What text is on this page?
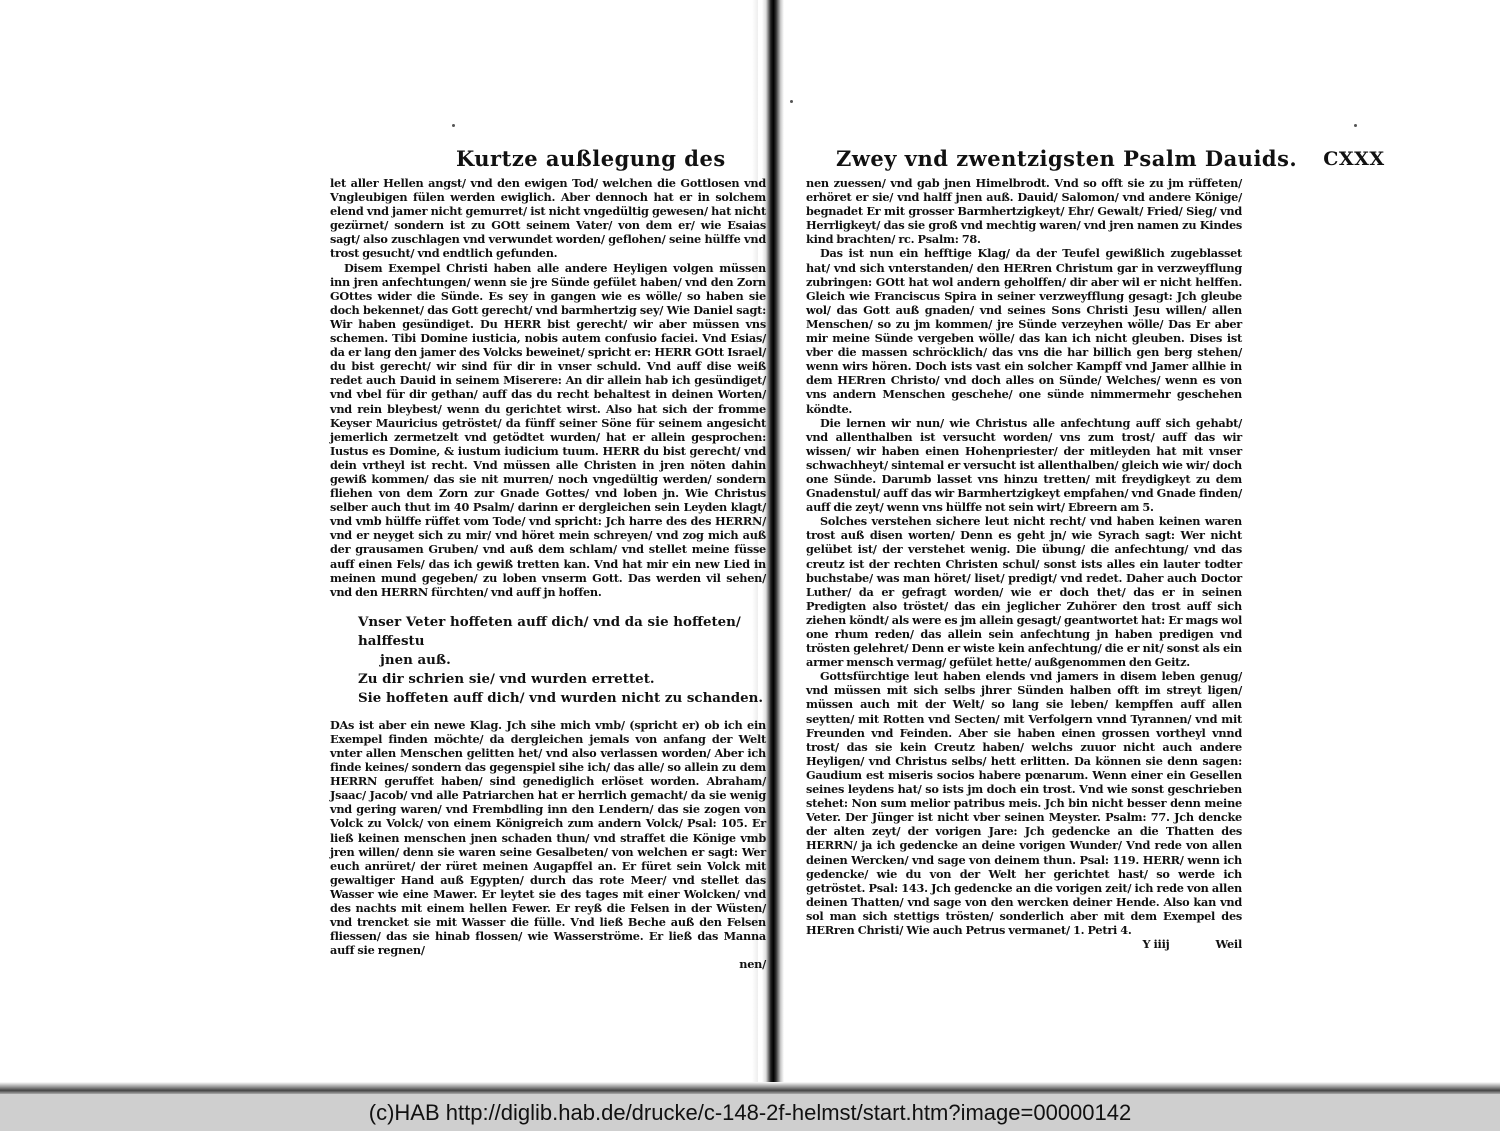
Kurtze außlegung des

let aller Hellen angst/ vnd den ewigen Tod/ welchen die Gottlosen vnd Vngleubigen fülen werden ewiglich. Aber dennoch hat er in solchem elend vnd jamer nicht gemurret/ ist nicht vngedültig gewesen/ hat nicht gezürnet/ sondern ist zu GOtt seinem Vater/ von dem er/ wie Esaias sagt/ also zuschlagen vnd verwundet worden/ geflohen/ seine hülffe vnd trost gesucht/ vnd endtlich gefunden.

Disem Exempel Christi haben alle andere Heyligen volgen müssen inn jren anfechtungen/ wenn sie jre Sünde gefület haben/ vnd den Zorn GOttes wider die Sünde. Es sey in gangen wie es wölle/ so haben sie doch bekennet/ das Gott gerecht/ vnd barmhertzig sey/ Wie Daniel sagt: Wir haben gesündiget. Du HERR bist gerecht/ wir aber müssen vns schemen. Tibi Domine iusticia, nobis autem confusio faciei. Vnd Esias/ da er lang den jamer des Volcks beweinet/ spricht er: HERR GOtt Israel/ du bist gerecht/ wir sind für dir in vnser schuld. Vnd auff dise weiß redet auch Dauid in seinem Miserere: An dir allein hab ich gesündiget/ vnd vbel für dir gethan/ auff das du recht behaltest in deinen Worten/ vnd rein bleybest/ wenn du gerichtet wirst. Also hat sich der fromme Keyser Mauricius getröstet/ da fünff seiner Söne für seinem angesicht jemerlich zermetzelt vnd getödtet wurden/ hat er allein gesprochen: Iustus es Domine, & iustum iudicium tuum. HERR du bist gerecht/ vnd dein vrtheyl ist recht. Vnd müssen alle Christen in jren nöten dahin gewiß kommen/ das sie nit murren/ noch vngedültig werden/ sondern fliehen von dem Zorn zur Gnade Gottes/ vnd loben jn. Wie Christus selber auch thut im 40 Psalm/ darinn er dergleichen sein Leyden klagt/ vnd vmb hülffe rüffet vom Tode/ vnd spricht: Jch harre des des HERRN/ vnd er neyget sich zu mir/ vnd höret mein schreyen/ vnd zog mich auß der grausamen Gruben/ vnd auß dem schlam/ vnd stellet meine füsse auff einen Fels/ das ich gewiß tretten kan. Vnd hat mir ein new Lied in meinen mund gegeben/ zu loben vnserm Gott. Das werden vil sehen/ vnd den HERRN fürchten/ vnd auff jn hoffen.

Vnser Veter hoffeten auff dich/ vnd da sie hoffeten/ halffestu

jnen auß.

Zu dir schrien sie/ vnd wurden errettet.

Sie hoffeten auff dich/ vnd wurden nicht zu schanden.

DAs ist aber ein newe Klag. Jch sihe mich vmb/ (spricht er) ob ich ein Exempel finden möchte/ da dergleichen jemals von anfang der Welt vnter allen Menschen gelitten het/ vnd also verlassen worden/ Aber ich finde keines/ sondern das gegenspiel sihe ich/ das alle/ so allein zu dem HERRN geruffet haben/ sind genediglich erlöset worden. Abraham/ Jsaac/ Jacob/ vnd alle Patriarchen hat er herrlich gemacht/ da sie wenig vnd gering waren/ vnd Frembdling inn den Lendern/ das sie zogen von Volck zu Volck/ von einem Königreich zum andern Volck/ Psal: 105. Er ließ keinen menschen jnen schaden thun/ vnd straffet die Könige vmb jren willen/ denn sie waren seine Gesalbeten/ von welchen er sagt: Wer euch anrüret/ der rüret meinen Augapffel an. Er füret sein Volck mit gewaltiger Hand auß Egypten/ durch das rote Meer/ vnd stellet das Wasser wie eine Mawer. Er leytet sie des tages mit einer Wolcken/ vnd des nachts mit einem hellen Fewer. Er reyß die Felsen in der Wüsten/ vnd trencket sie mit Wasser die fülle. Vnd ließ Beche auß den Felsen fliessen/ das sie hinab flossen/ wie Wasserströme. Er ließ das Manna auff sie regnen/

nen/

Zwey vnd zwentzigsten Psalm Dauids. CXXX

nen zuessen/ vnd gab jnen Himelbrodt. Vnd so offt sie zu jm rüffeten/ erhöret er sie/ vnd halff jnen auß. Dauid/ Salomon/ vnd andere Könige/ begnadet Er mit grosser Barmhertzigkeyt/ Ehr/ Gewalt/ Fried/ Sieg/ vnd Herrligkeyt/ das sie groß vnd mechtig waren/ vnd jren namen zu Kindes kind brachten/ rc. Psalm: 78.

Das ist nun ein hefftige Klag/ da der Teufel gewißlich zugeblasset hat/ vnd sich vnterstanden/ den HERren Christum gar in verzweyfflung zubringen: GOtt hat wol andern geholffen/ dir aber wil er nicht helffen. Gleich wie Franciscus Spira in seiner verzweyfflung gesagt: Jch gleube wol/ das Gott auß gnaden/ vnd seines Sons Christi Jesu willen/ allen Menschen/ so zu jm kommen/ jre Sünde verzeyhen wölle/ Das Er aber mir meine Sünde vergeben wölle/ das kan ich nicht gleuben. Dises ist vber die massen schröcklich/ das vns die har billich gen berg stehen/ wenn wirs hören. Doch ists vast ein solcher Kampff vnd Jamer allhie in dem HERren Christo/ vnd doch alles on Sünde/ Welches/ wenn es von vns andern Menschen geschehe/ one sünde nimmermehr geschehen köndte.

Die lernen wir nun/ wie Christus alle anfechtung auff sich gehabt/ vnd allenthalben ist versucht worden/ vns zum trost/ auff das wir wissen/ wir haben einen Hohenpriester/ der mitleyden hat mit vnser schwachheyt/ sintemal er versucht ist allenthalben/ gleich wie wir/ doch one Sünde. Darumb lasset vns hinzu tretten/ mit freydigkeyt zu dem Gnadenstul/ auff das wir Barmhertzigkeyt empfahen/ vnd Gnade finden/ auff die zeyt/ wenn vns hülffe not sein wirt/ Ebreern am 5.

Solches verstehen sichere leut nicht recht/ vnd haben keinen waren trost auß disen worten/ Denn es geht jn/ wie Syrach sagt: Wer nicht gelübet ist/ der verstehet wenig. Die übung/ die anfechtung/ vnd das creutz ist der rechten Christen schul/ sonst ists alles ein lauter todter buchstabe/ was man höret/ liset/ predigt/ vnd redet. Daher auch Doctor Luther/ da er gefragt worden/ wie er doch thet/ das er in seinen Predigten also tröstet/ das ein jeglicher Zuhörer den trost auff sich ziehen köndt/ als were es jm allein gesagt/ geantwortet hat: Er mags wol one rhum reden/ das allein sein anfechtung jn haben predigen vnd trösten gelehret/ Denn er wiste kein anfechtung/ die er nit/ sonst als ein armer mensch vermag/ gefület hette/ außgenommen den Geitz.

Gottsfürchtige leut haben elends vnd jamers in disem leben genug/ vnd müssen mit sich selbs jhrer Sünden halben offt im streyt ligen/ müssen auch mit der Welt/ so lang sie leben/ kempffen auff allen seytten/ mit Rotten vnd Secten/ mit Verfolgern vnnd Tyrannen/ vnd mit Freunden vnd Feinden. Aber sie haben einen grossen vortheyl vnnd trost/ das sie kein Creutz haben/ welchs zuuor nicht auch andere Heyligen/ vnd Christus selbs/ hett erlitten. Da können sie denn sagen: Gaudium est miseris socios habere pœnarum. Wenn einer ein Gesellen seines leydens hat/ so ists jm doch ein trost. Vnd wie sonst geschrieben stehet: Non sum melior patribus meis. Jch bin nicht besser denn meine Veter. Der Jünger ist nicht vber seinen Meyster. Psalm: 77. Jch dencke der alten zeyt/ der vorigen Jare: Jch gedencke an die Thatten des HERRN/ ja ich gedencke an deine vorigen Wunder/ Vnd rede von allen deinen Wercken/ vnd sage von deinem thun. Psal: 119. HERR/ wenn ich gedencke/ wie du von der Welt her gerichtet hast/ so werde ich getröstet. Psal: 143. Jch gedencke an die vorigen zeit/ ich rede von allen deinen Thatten/ vnd sage von den wercken deiner Hende. Also kan vnd sol man sich stettigs trösten/ sonderlich aber mit dem Exempel des HERren Christi/ Wie auch Petrus vermanet/ 1. Petri 4.

Y iiij	Weil
(c)HAB http://diglib.hab.de/drucke/c-148-2f-helmst/start.htm?image=00000142
